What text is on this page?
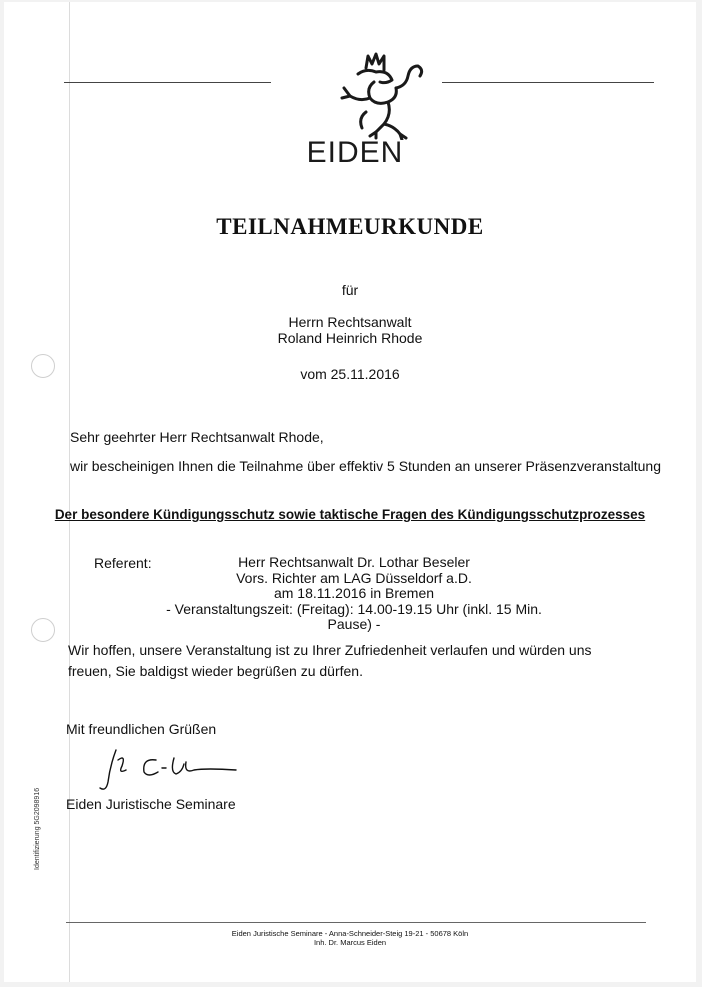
EIDEN
TEILNAHMEURKUNDE
für
Herrn Rechtsanwalt
Roland Heinrich Rhode
vom 25.11.2016
Sehr geehrter Herr Rechtsanwalt Rhode,
wir bescheinigen Ihnen die Teilnahme über effektiv 5 Stunden an unserer Präsenzveranstaltung
Der besondere Kündigungsschutz sowie taktische Fragen des Kündigungsschutzprozesses
Referent:	Herr Rechtsanwalt Dr. Lothar Beseler
Vors. Richter am LAG Düsseldorf a.D.
am 18.11.2016 in Bremen
- Veranstaltungszeit: (Freitag): 14.00-19.15 Uhr (inkl. 15 Min. Pause) -
Wir hoffen, unsere Veranstaltung ist zu Ihrer Zufriedenheit verlaufen und würden uns freuen, Sie baldigst wieder begrüßen zu dürfen.
Mit freundlichen Grüßen
Eiden Juristische Seminare
Identifizierung 5G2098916
Eiden Juristische Seminare - Anna-Schneider-Steig 19-21 - 50678 Köln
Inh. Dr. Marcus Eiden
